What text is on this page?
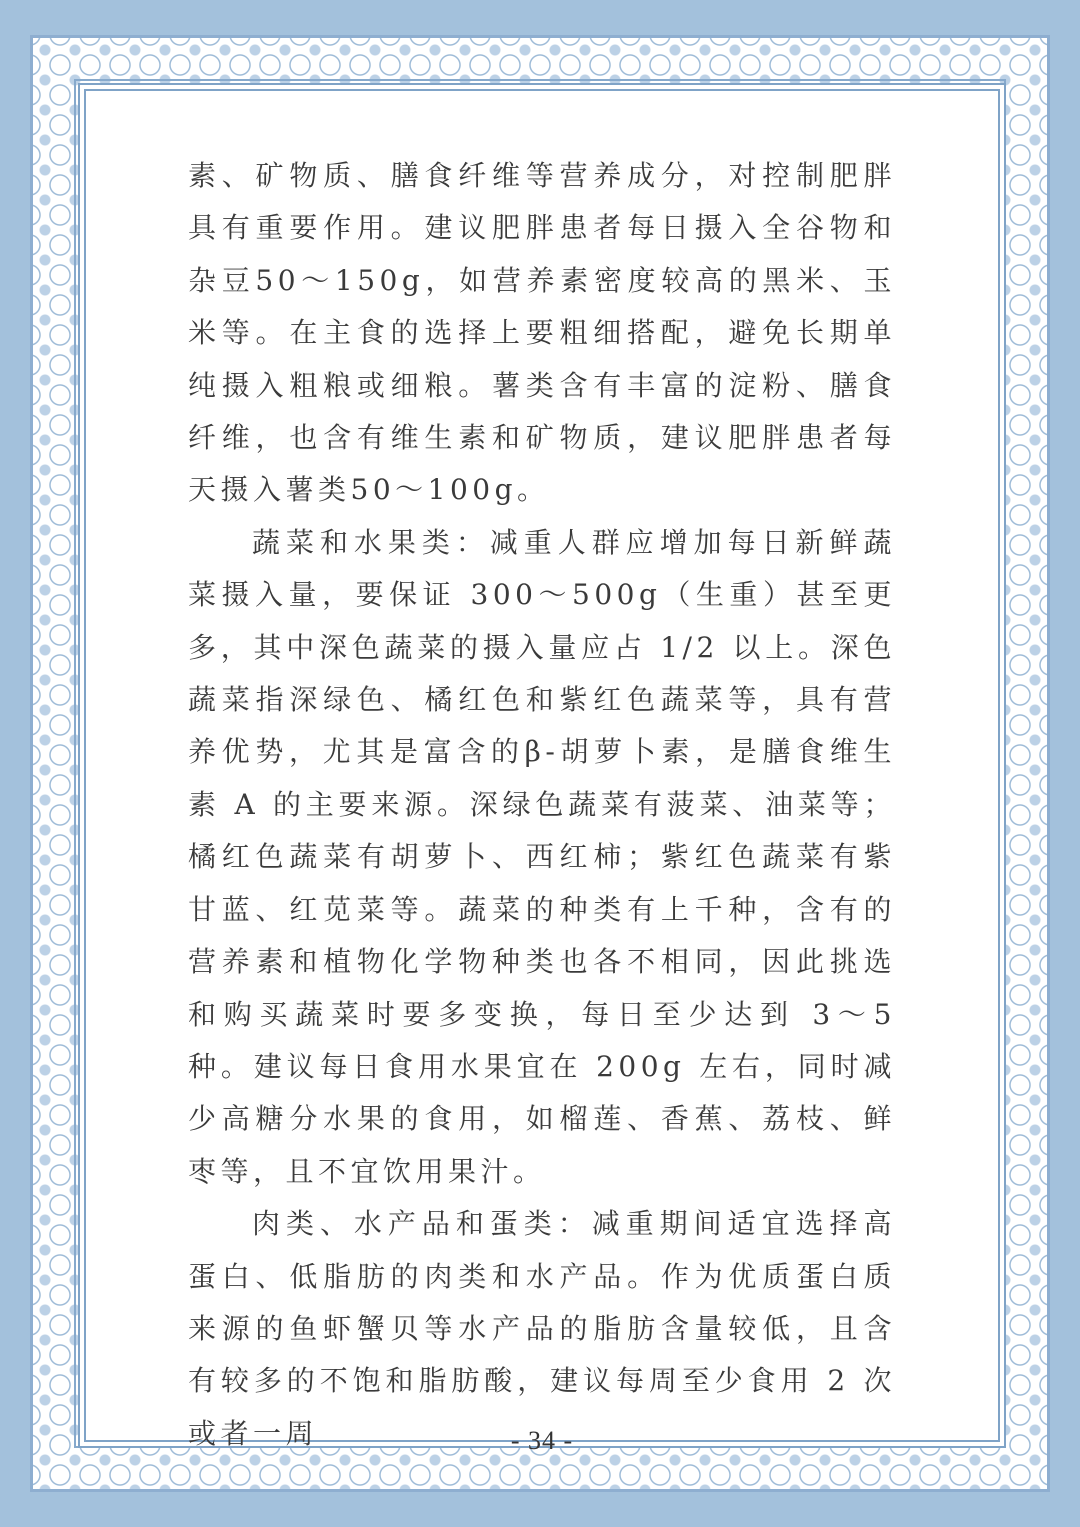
素、矿物质、膳食纤维等营养成分，对控制肥胖具有重要作用。建议肥胖患者每日摄入全谷物和杂豆50～150g，如营养素密度较高的黑米、玉米等。在主食的选择上要粗细搭配，避免长期单纯摄入粗粮或细粮。薯类含有丰富的淀粉、膳食纤维，也含有维生素和矿物质，建议肥胖患者每天摄入薯类50～100g。

蔬菜和水果类：减重人群应增加每日新鲜蔬菜摄入量，要保证 300～500g（生重）甚至更多，其中深色蔬菜的摄入量应占 1/2 以上。深色蔬菜指深绿色、橘红色和紫红色蔬菜等，具有营养优势，尤其是富含的β-胡萝卜素，是膳食维生素 A 的主要来源。深绿色蔬菜有菠菜、油菜等；橘红色蔬菜有胡萝卜、西红柿；紫红色蔬菜有紫甘蓝、红苋菜等。蔬菜的种类有上千种，含有的营养素和植物化学物种类也各不相同，因此挑选和购买蔬菜时要多变换，每日至少达到 3～5 种。建议每日食用水果宜在 200g 左右，同时减少高糖分水果的食用，如榴莲、香蕉、荔枝、鲜枣等，且不宜饮用果汁。

肉类、水产品和蛋类：减重期间适宜选择高蛋白、低脂肪的肉类和水产品。作为优质蛋白质来源的鱼虾蟹贝等水产品的脂肪含量较低，且含有较多的不饱和脂肪酸，建议每周至少食用 2 次或者一周	- 34 -
